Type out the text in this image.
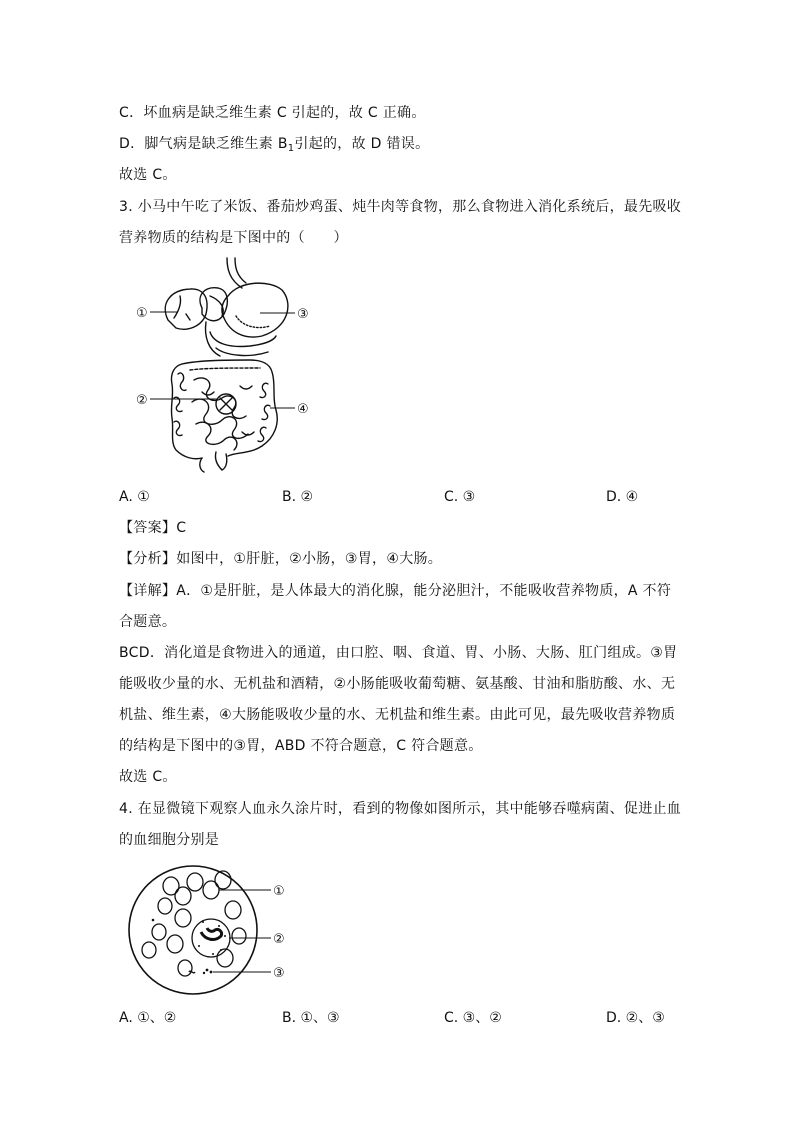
C．坏血病是缺乏维生素 C 引起的，故 C 正确。
D．脚气病是缺乏维生素 $B_1$引起的，故 D 错误。
故选 C。
3. 小马中午吃了米饭、番茄炒鸡蛋、炖牛肉等食物，那么食物进入消化系统后，最先吸收
营养物质的结构是下图中的（　　）
①
②
③
④
A. ①	B. ②	C. ③	D. ④
【答案】C
【分析】如图中，①肝脏，②小肠，③胃，④大肠。
【详解】A．①是肝脏，是人体最大的消化腺，能分泌胆汁，不能吸收营养物质，A 不符
合题意。
BCD．消化道是食物进入的通道，由口腔、咽、食道、胃、小肠、大肠、肛门组成。③胃
能吸收少量的水、无机盐和酒精，②小肠能吸收葡萄糖、氨基酸、甘油和脂肪酸、水、无
机盐、维生素，④大肠能吸收少量的水、无机盐和维生素。由此可见，最先吸收营养物质
的结构是下图中的③胃，ABD 不符合题意，C 符合题意。
故选 C。
4. 在显微镜下观察人血永久涂片时，看到的物像如图所示，其中能够吞噬病菌、促进止血
的血细胞分别是
①
②
③
A. ①、②	B. ①、③	C. ③、②	D. ②、③
